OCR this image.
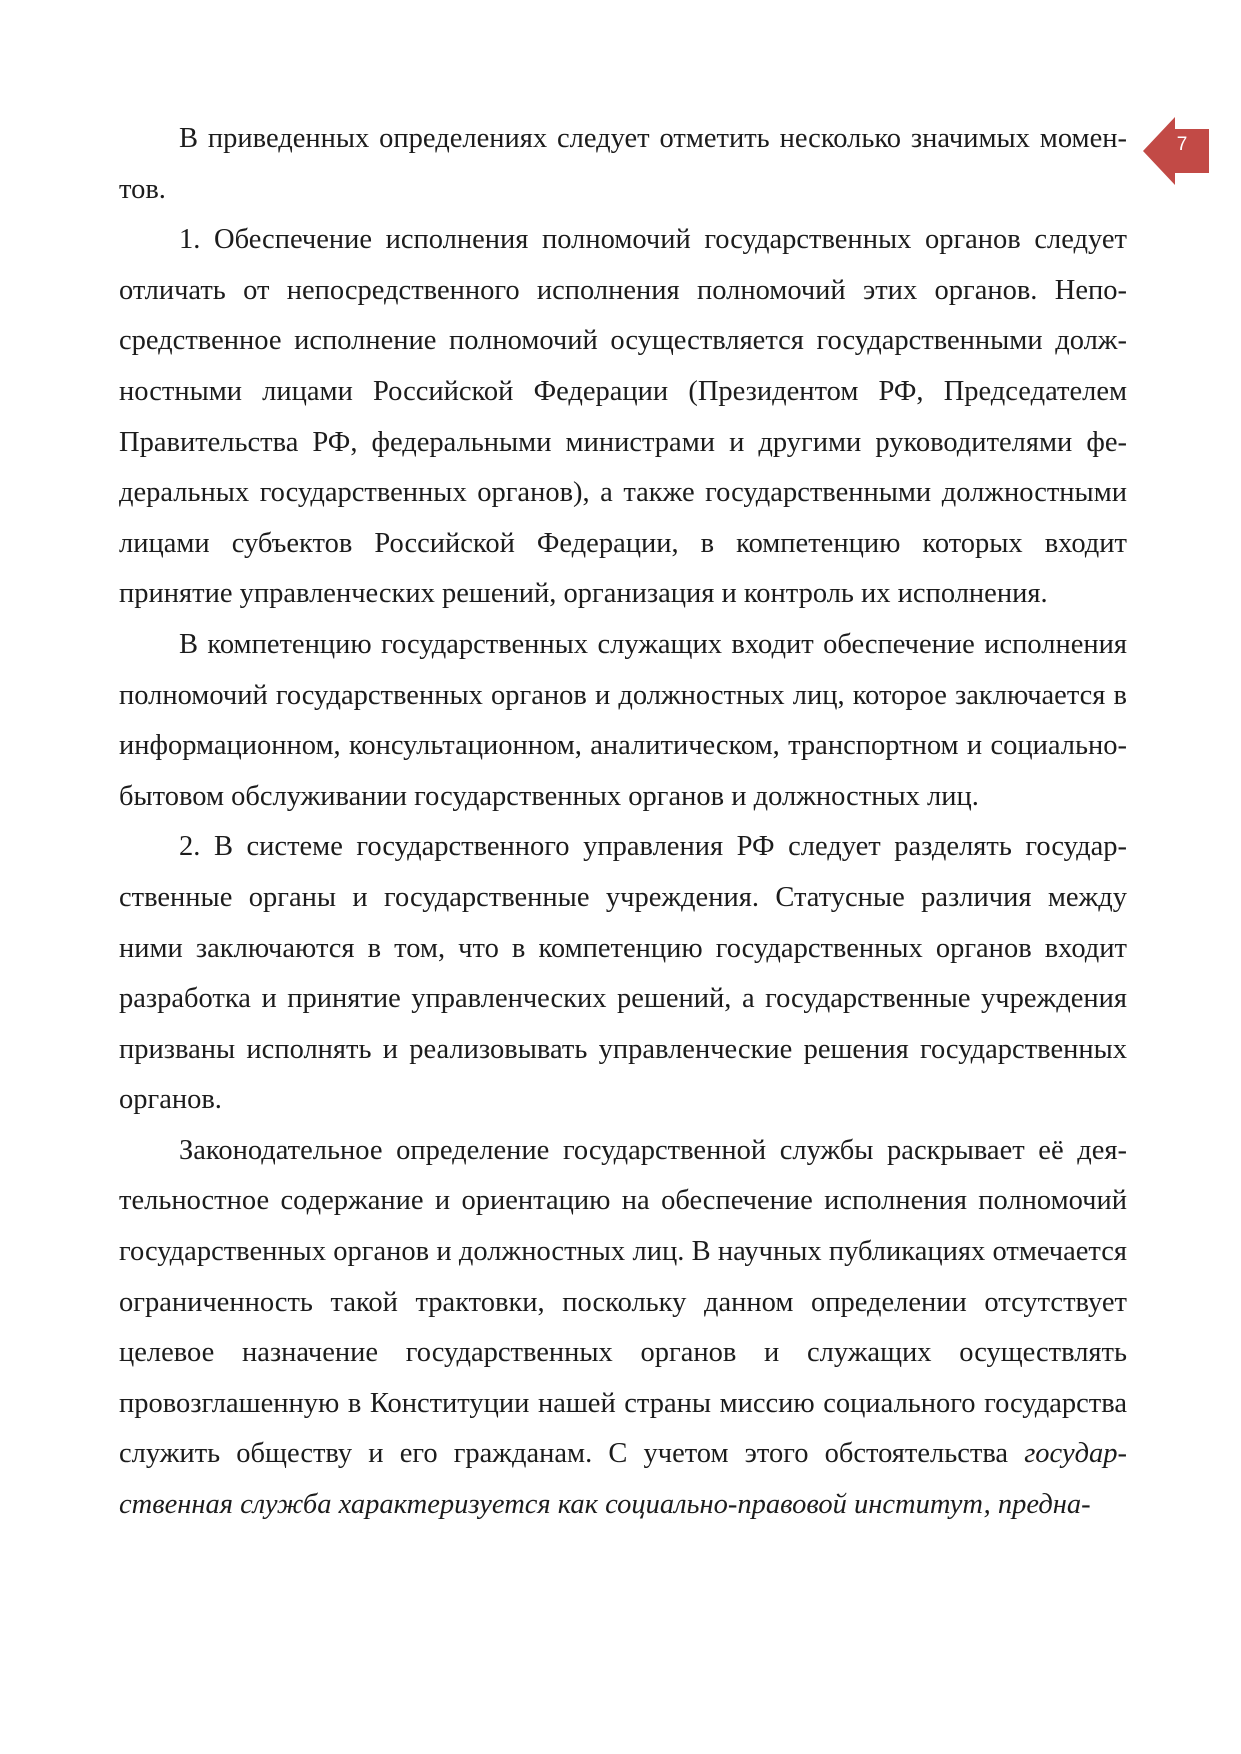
7

В приведенных определениях следует отметить несколько значимых моментов.

1. Обеспечение исполнения полномочий государственных органов следует отличать от непосредственного исполнения полномочий этих органов. Непосредственное исполнение полномочий осуществляется государственными должностными лицами Российской Федерации (Президентом РФ, Председателем Правительства РФ, федеральными министрами и другими руководителями федеральных государственных органов), а также государственными должностными лицами субъектов Российской Федерации, в компетенцию которых входит принятие управленческих решений, организация и контроль их исполнения.

В компетенцию государственных служащих входит обеспечение исполнения полномочий государственных органов и должностных лиц, которое заключается в информационном, консультационном, аналитическом, транспортном и социально-бытовом обслуживании государственных органов и должностных лиц.

2. В системе государственного управления РФ следует разделять государственные органы и государственные учреждения. Статусные различия между ними заключаются в том, что в компетенцию государственных органов входит разработка и принятие управленческих решений, а государственные учреждения призваны исполнять и реализовывать управленческие решения государственных органов.

Законодательное определение государственной службы раскрывает её деятельностное содержание и ориентацию на обеспечение исполнения полномочий государственных органов и должностных лиц. В научных публикациях отмечается ограниченность такой трактовки, поскольку данном определении отсутствует целевое назначение государственных органов и служащих осуществлять провозглашенную в Конституции нашей страны миссию социального государства служить обществу и его гражданам. С учетом этого обстоятельства государственная служба характеризуется как социально-правовой институт, предна-
